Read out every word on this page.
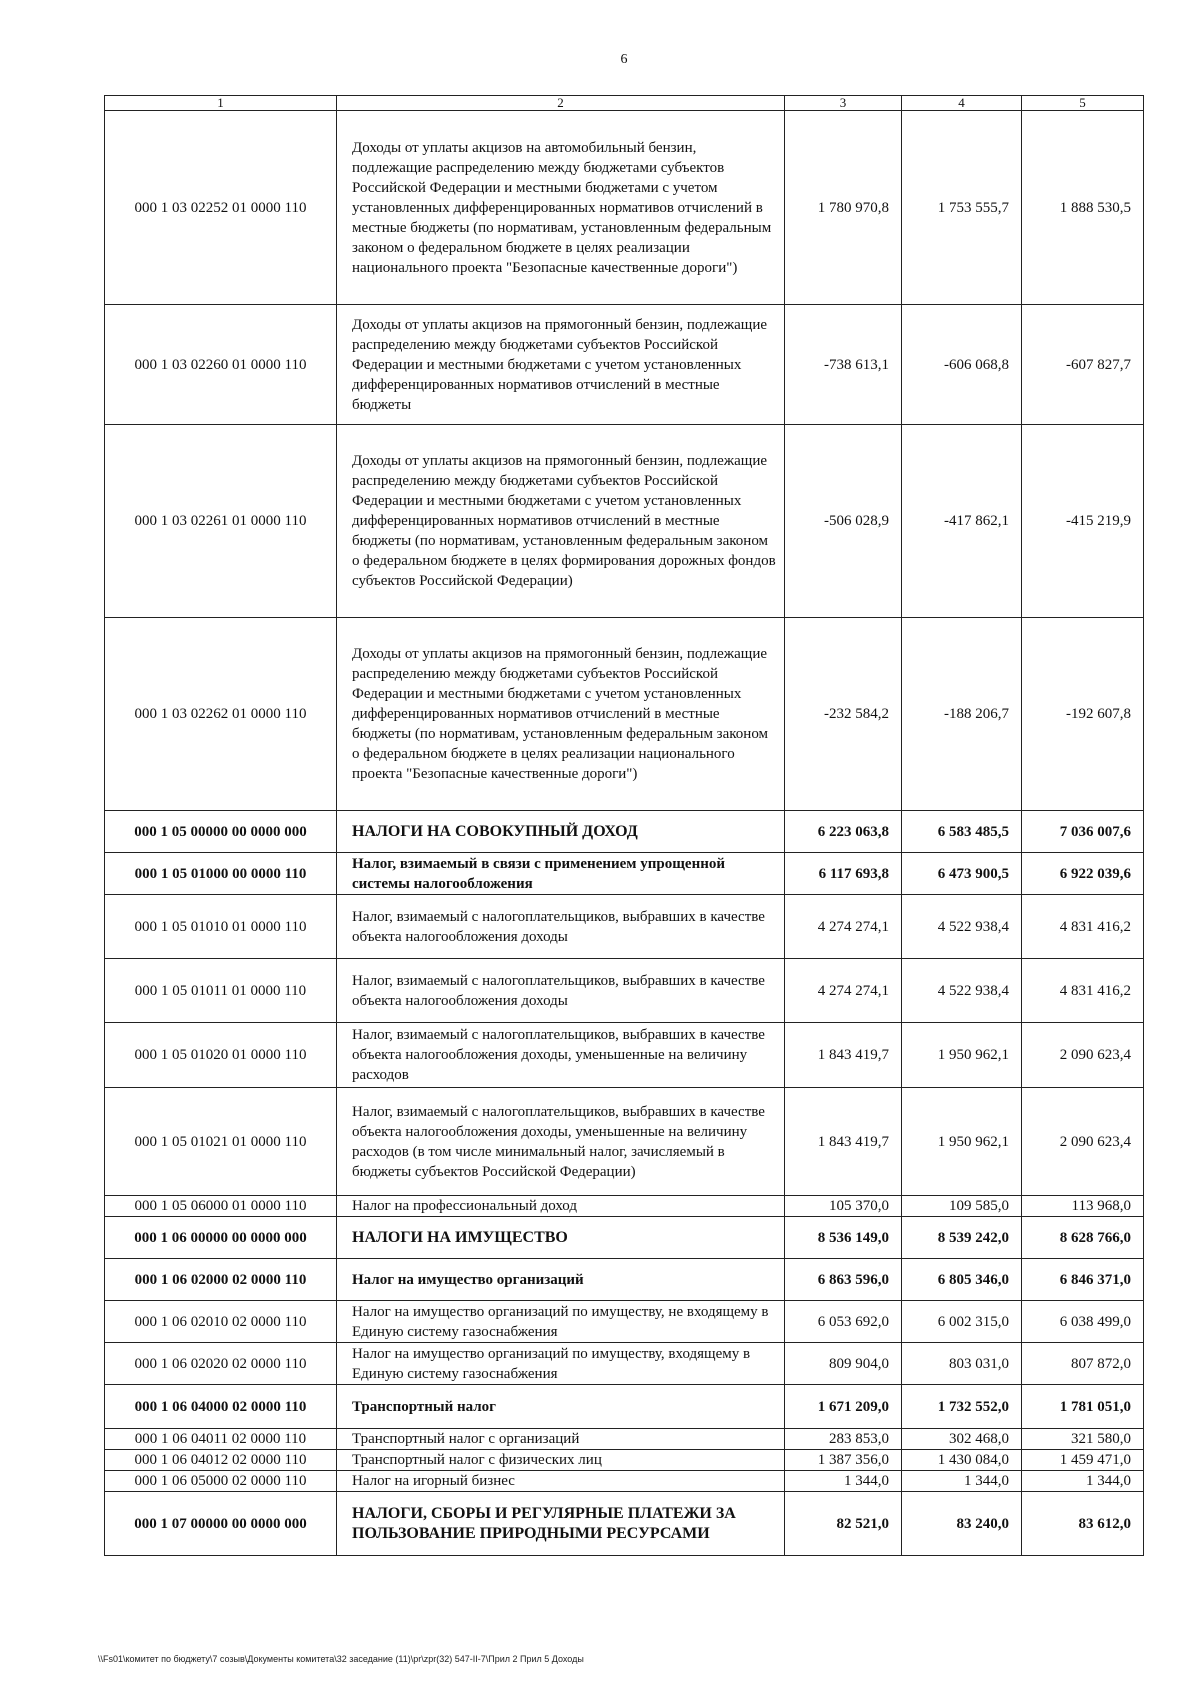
6
1	2	3	4	5
000 1 03 02252 01 0000 110	Доходы от уплаты акцизов на автомобильный бензин, подлежащие распределению между бюджетами субъектов Российской Федерации и местными бюджетами с учетом установленных дифференцированных нормативов отчислений в местные бюджеты (по нормативам, установленным федеральным законом о федеральном бюджете в целях реализации национального проекта "Безопасные качественные дороги")	1 780 970,8	1 753 555,7	1 888 530,5
000 1 03 02260 01 0000 110	Доходы от уплаты акцизов на прямогонный бензин, подлежащие распределению между бюджетами субъектов Российской Федерации и местными бюджетами с учетом установленных дифференцированных нормативов отчислений в местные бюджеты	-738 613,1	-606 068,8	-607 827,7
000 1 03 02261 01 0000 110	Доходы от уплаты акцизов на прямогонный бензин, подлежащие распределению между бюджетами субъектов Российской Федерации и местными бюджетами с учетом установленных дифференцированных нормативов отчислений в местные бюджеты (по нормативам, установленным федеральным законом о федеральном бюджете в целях формирования дорожных фондов субъектов Российской Федерации)	-506 028,9	-417 862,1	-415 219,9
000 1 03 02262 01 0000 110	Доходы от уплаты акцизов на прямогонный бензин, подлежащие распределению между бюджетами субъектов Российской Федерации и местными бюджетами с учетом установленных дифференцированных нормативов отчислений в местные бюджеты (по нормативам, установленным федеральным законом о федеральном бюджете в целях реализации национального проекта "Безопасные качественные дороги")	-232 584,2	-188 206,7	-192 607,8
000 1 05 00000 00 0000 000	НАЛОГИ НА СОВОКУПНЫЙ ДОХОД	6 223 063,8	6 583 485,5	7 036 007,6
000 1 05 01000 00 0000 110	Налог, взимаемый в связи с применением упрощенной системы налогообложения	6 117 693,8	6 473 900,5	6 922 039,6
000 1 05 01010 01 0000 110	Налог, взимаемый с налогоплательщиков, выбравших в качестве объекта налогообложения доходы	4 274 274,1	4 522 938,4	4 831 416,2
000 1 05 01011 01 0000 110	Налог, взимаемый с налогоплательщиков, выбравших в качестве объекта налогообложения доходы	4 274 274,1	4 522 938,4	4 831 416,2
000 1 05 01020 01 0000 110	Налог, взимаемый с налогоплательщиков, выбравших в качестве объекта налогообложения доходы, уменьшенные на величину расходов	1 843 419,7	1 950 962,1	2 090 623,4
000 1 05 01021 01 0000 110	Налог, взимаемый с налогоплательщиков, выбравших в качестве объекта налогообложения доходы, уменьшенные на величину расходов (в том числе минимальный налог, зачисляемый в бюджеты субъектов Российской Федерации)	1 843 419,7	1 950 962,1	2 090 623,4
000 1 05 06000 01 0000 110	Налог на профессиональный доход	105 370,0	109 585,0	113 968,0
000 1 06 00000 00 0000 000	НАЛОГИ НА ИМУЩЕСТВО	8 536 149,0	8 539 242,0	8 628 766,0
000 1 06 02000 02 0000 110	Налог на имущество организаций	6 863 596,0	6 805 346,0	6 846 371,0
000 1 06 02010 02 0000 110	Налог на имущество организаций по имуществу, не входящему в Единую систему газоснабжения	6 053 692,0	6 002 315,0	6 038 499,0
000 1 06 02020 02 0000 110	Налог на имущество организаций по имуществу, входящему в Единую систему газоснабжения	809 904,0	803 031,0	807 872,0
000 1 06 04000 02 0000 110	Транспортный налог	1 671 209,0	1 732 552,0	1 781 051,0
000 1 06 04011 02 0000 110	Транспортный налог с организаций	283 853,0	302 468,0	321 580,0
000 1 06 04012 02 0000 110	Транспортный налог с физических лиц	1 387 356,0	1 430 084,0	1 459 471,0
000 1 06 05000 02 0000 110	Налог на игорный бизнес	1 344,0	1 344,0	1 344,0
000 1 07 00000 00 0000 000	НАЛОГИ, СБОРЫ И РЕГУЛЯРНЫЕ ПЛАТЕЖИ ЗА ПОЛЬЗОВАНИЕ ПРИРОДНЫМИ РЕСУРСАМИ	82 521,0	83 240,0	83 612,0
\\Fs01\комитет по бюджету\7 созыв\Документы комитета\32 заседание (11)\pr\zpr(32) 547-II-7\Прил 2 Прил 5 Доходы
